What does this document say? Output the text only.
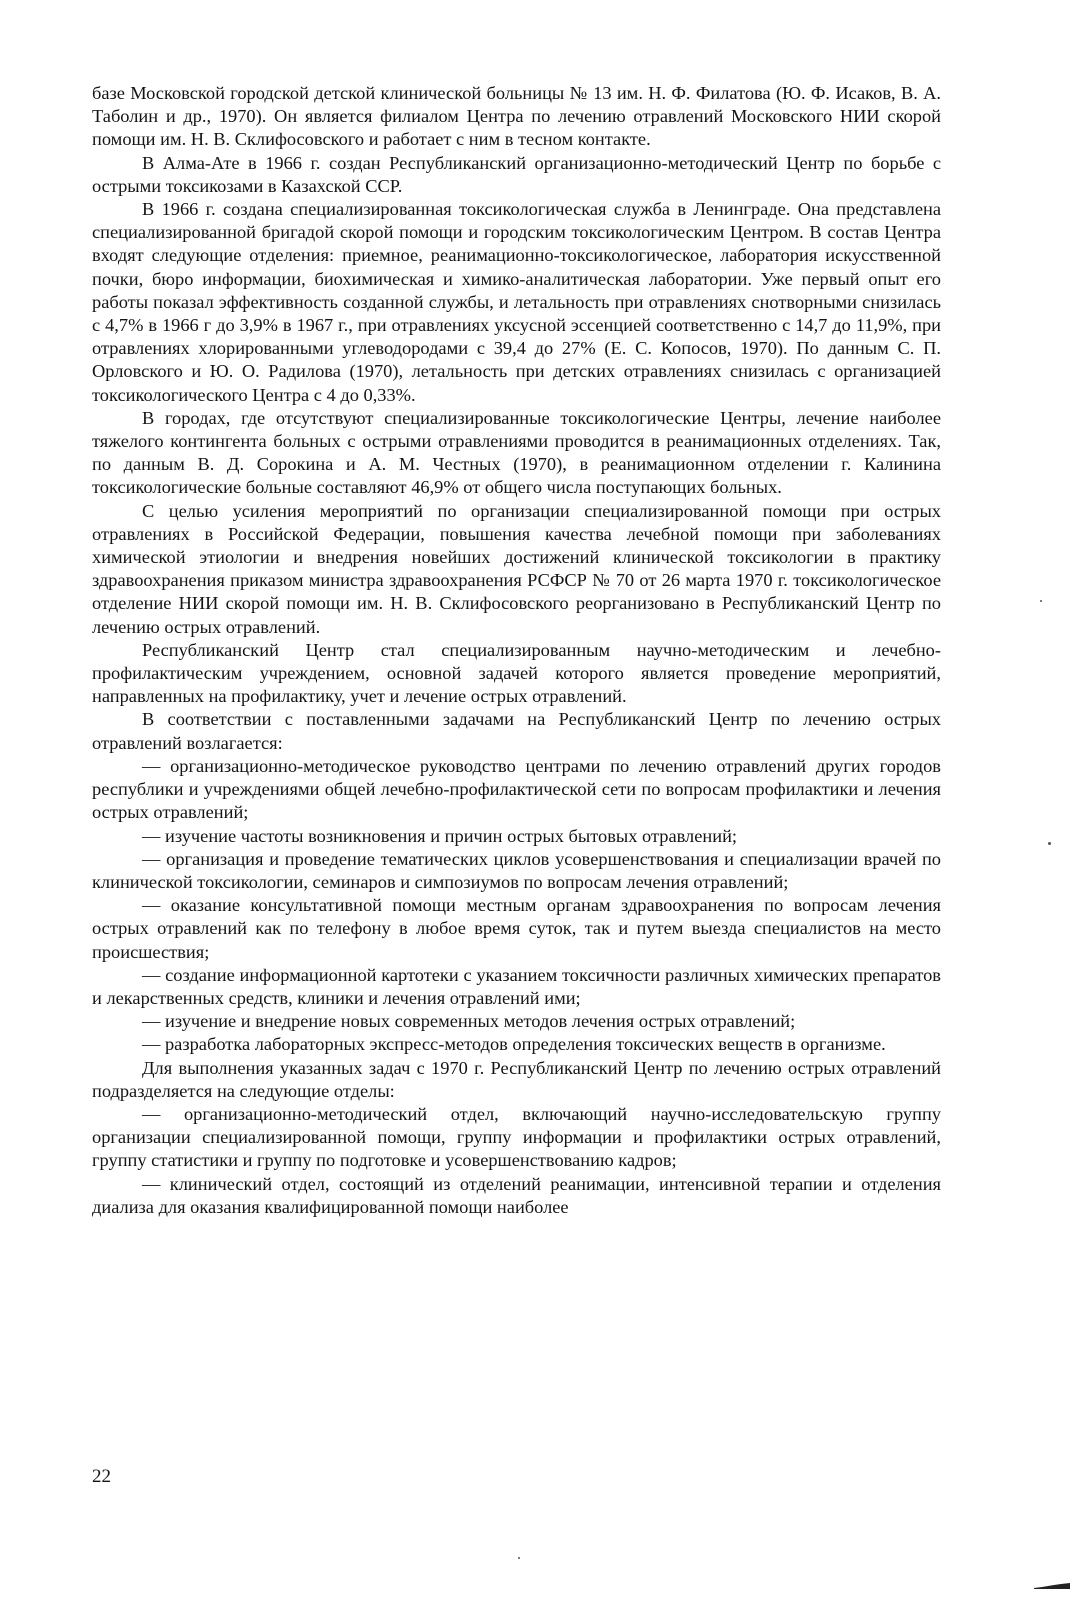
базе Московской городской детской клинической больницы № 13 им. Н. Ф. Филатова (Ю. Ф. Исаков, В. А. Таболин и др., 1970). Он является филиалом Центра по лечению отравлений Московского НИИ скорой помощи им. Н. В. Склифосовского и работает с ним в тесном контакте.

В Алма-Ате в 1966 г. создан Республиканский организационно-методический Центр по борьбе с острыми токсикозами в Казахской ССР.

В 1966 г. создана специализированная токсикологическая служба в Ленинграде. Она представлена специализированной бригадой скорой помощи и городским токсикологическим Центром. В состав Центра входят следующие отделения: приемное, реанимационно-токсикологическое, лаборатория искусственной почки, бюро информации, биохимическая и химико-аналитическая лаборатории. Уже первый опыт его работы показал эффективность созданной службы, и летальность при отравлениях снотворными снизилась с 4,7% в 1966 г до 3,9% в 1967 г., при отравлениях уксусной эссенцией соответственно с 14,7 до 11,9%, при отравлениях хлорированными углеводородами с 39,4 до 27% (Е. С. Копосов, 1970). По данным С. П. Орловского и Ю. О. Радилова (1970), летальность при детских отравлениях снизилась с организацией токсикологического Центра с 4 до 0,33%.

В городах, где отсутствуют специализированные токсикологические Центры, лечение наиболее тяжелого контингента больных с острыми отравлениями проводится в реанимационных отделениях. Так, по данным В. Д. Сорокина и А. М. Честных (1970), в реанимационном отделении г. Калинина токсикологические больные составляют 46,9% от общего числа поступающих больных.

С целью усиления мероприятий по организации специализированной помощи при острых отравлениях в Российской Федерации, повышения качества лечебной помощи при заболеваниях химической этиологии и внедрения новейших достижений клинической токсикологии в практику здравоохранения приказом министра здравоохранения РСФСР № 70 от 26 марта 1970 г. токсикологическое отделение НИИ скорой помощи им. Н. В. Склифосовского реорганизовано в Республиканский Центр по лечению острых отравлений.

Республиканский Центр стал специализированным научно-методическим и лечебно-профилактическим учреждением, основной задачей которого является проведение мероприятий, направленных на профилактику, учет и лечение острых отравлений.

В соответствии с поставленными задачами на Республиканский Центр по лечению острых отравлений возлагается:

— организационно-методическое руководство центрами по лечению отравлений других городов республики и учреждениями общей лечебно-профилактической сети по вопросам профилактики и лечения острых отравлений;

— изучение частоты возникновения и причин острых бытовых отравлений;

— организация и проведение тематических циклов усовершенствования и специализации врачей по клинической токсикологии, семинаров и симпозиумов по вопросам лечения отравлений;

— оказание консультативной помощи местным органам здравоохранения по вопросам лечения острых отравлений как по телефону в любое время суток, так и путем выезда специалистов на место происшествия;

— создание информационной картотеки с указанием токсичности различных химических препаратов и лекарственных средств, клиники и лечения отравлений ими;

— изучение и внедрение новых современных методов лечения острых отравлений;

— разработка лабораторных экспресс-методов определения токсических веществ в организме.

Для выполнения указанных задач с 1970 г. Республиканский Центр по лечению острых отравлений подразделяется на следующие отделы:

— организационно-методический отдел, включающий научно-исследовательскую группу организации специализированной помощи, группу информации и профилактики острых отравлений, группу статистики и группу по подготовке и усовершенствованию кадров;

— клинический отдел, состоящий из отделений реанимации, интенсивной терапии и отделения диализа для оказания квалифицированной помощи наиболее

22
